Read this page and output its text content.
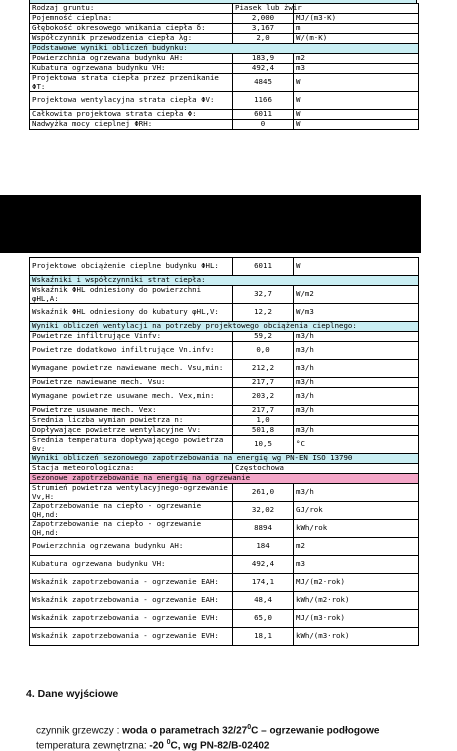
Rodzaj gruntu:	Piasek lub żwir	
Pojemność cieplna:	2,000	MJ/(m3·K)
Głębokość okresowego wnikania ciepła δ:	3,167	m
Współczynnik przewodzenia ciepła λg:	2,0	W/(m·K)
Podstawowe wyniki obliczeń budynku:		
Powierzchnia ogrzewana budynku AH:	183,9	m2
Kubatura ogrzewana budynku VH:	492,4	m3
Projektowa strata ciepła przez przenikanie ΦT:	4845	W
Projektowa wentylacyjna strata ciepła ΦV:	1166	W
Całkowita projektowa strata ciepła Φ:	6011	W
Nadwyżka mocy cieplnej ΦRH:	0	W
Projektowe obciążenie cieplne budynku ΦHL:	6011	W
Wskaźniki i współczynniki strat ciepła:		
Wskaźnik ΦHL odniesiony do powierzchni φHL,A:	32,7	W/m2
Wskaźnik ΦHL odniesiony do kubatury φHL,V:	12,2	W/m3
Wyniki obliczeń wentylacji na potrzeby projektowego obciążenia cieplnego:		
Powietrze infiltrujące Vinfv:	59,2	m3/h
Powietrze dodatkowo infiltrujące Vn.infv:	0,0	m3/h
Wymagane powietrze nawiewane mech. Vsu,min:	212,2	m3/h
Powietrze nawiewane mech. Vsu:	217,7	m3/h
Wymagane powietrze usuwane mech. Vex,min:	203,2	m3/h
Powietrze usuwane mech. Vex:	217,7	m3/h
Średnia liczba wymian powietrza n:	1,0	
Dopływające powietrze wentylacyjne Vv:	501,8	m3/h
Średnia temperatura dopływającego powietrza θv:	10,5	°C
Wyniki obliczeń sezonowego zapotrzebowania na energię wg PN-EN ISO 13790		
Stacja meteorologiczna:	Częstochowa	
Sezonowe zapotrzebowanie na energię na ogrzewanie		
Strumień powietrza wentylacyjnego-ogrzewanie Vv,H:	261,0	m3/h
Zapotrzebowanie na ciepło - ogrzewanie QH,nd:	32,02	GJ/rok
Zapotrzebowanie na ciepło - ogrzewanie QH,nd:	8894	kWh/rok
Powierzchnia ogrzewana budynku AH:	184	m2
Kubatura ogrzewana budynku VH:	492,4	m3
Wskaźnik zapotrzebowania - ogrzewanie EAH:	174,1	MJ/(m2·rok)
Wskaźnik zapotrzebowania - ogrzewanie EAH:	48,4	kWh/(m2·rok)
Wskaźnik zapotrzebowania - ogrzewanie EVH:	65,0	MJ/(m3·rok)
Wskaźnik zapotrzebowania - ogrzewanie EVH:	18,1	kWh/(m3·rok)
4. Dane wyjściowe
czynnik grzewczy : woda o parametrach $32/27^0C$ – ogrzewanie podłogowe
temperatura zewnętrzna: -20 $^0$C, wg PN-82/B-02402
